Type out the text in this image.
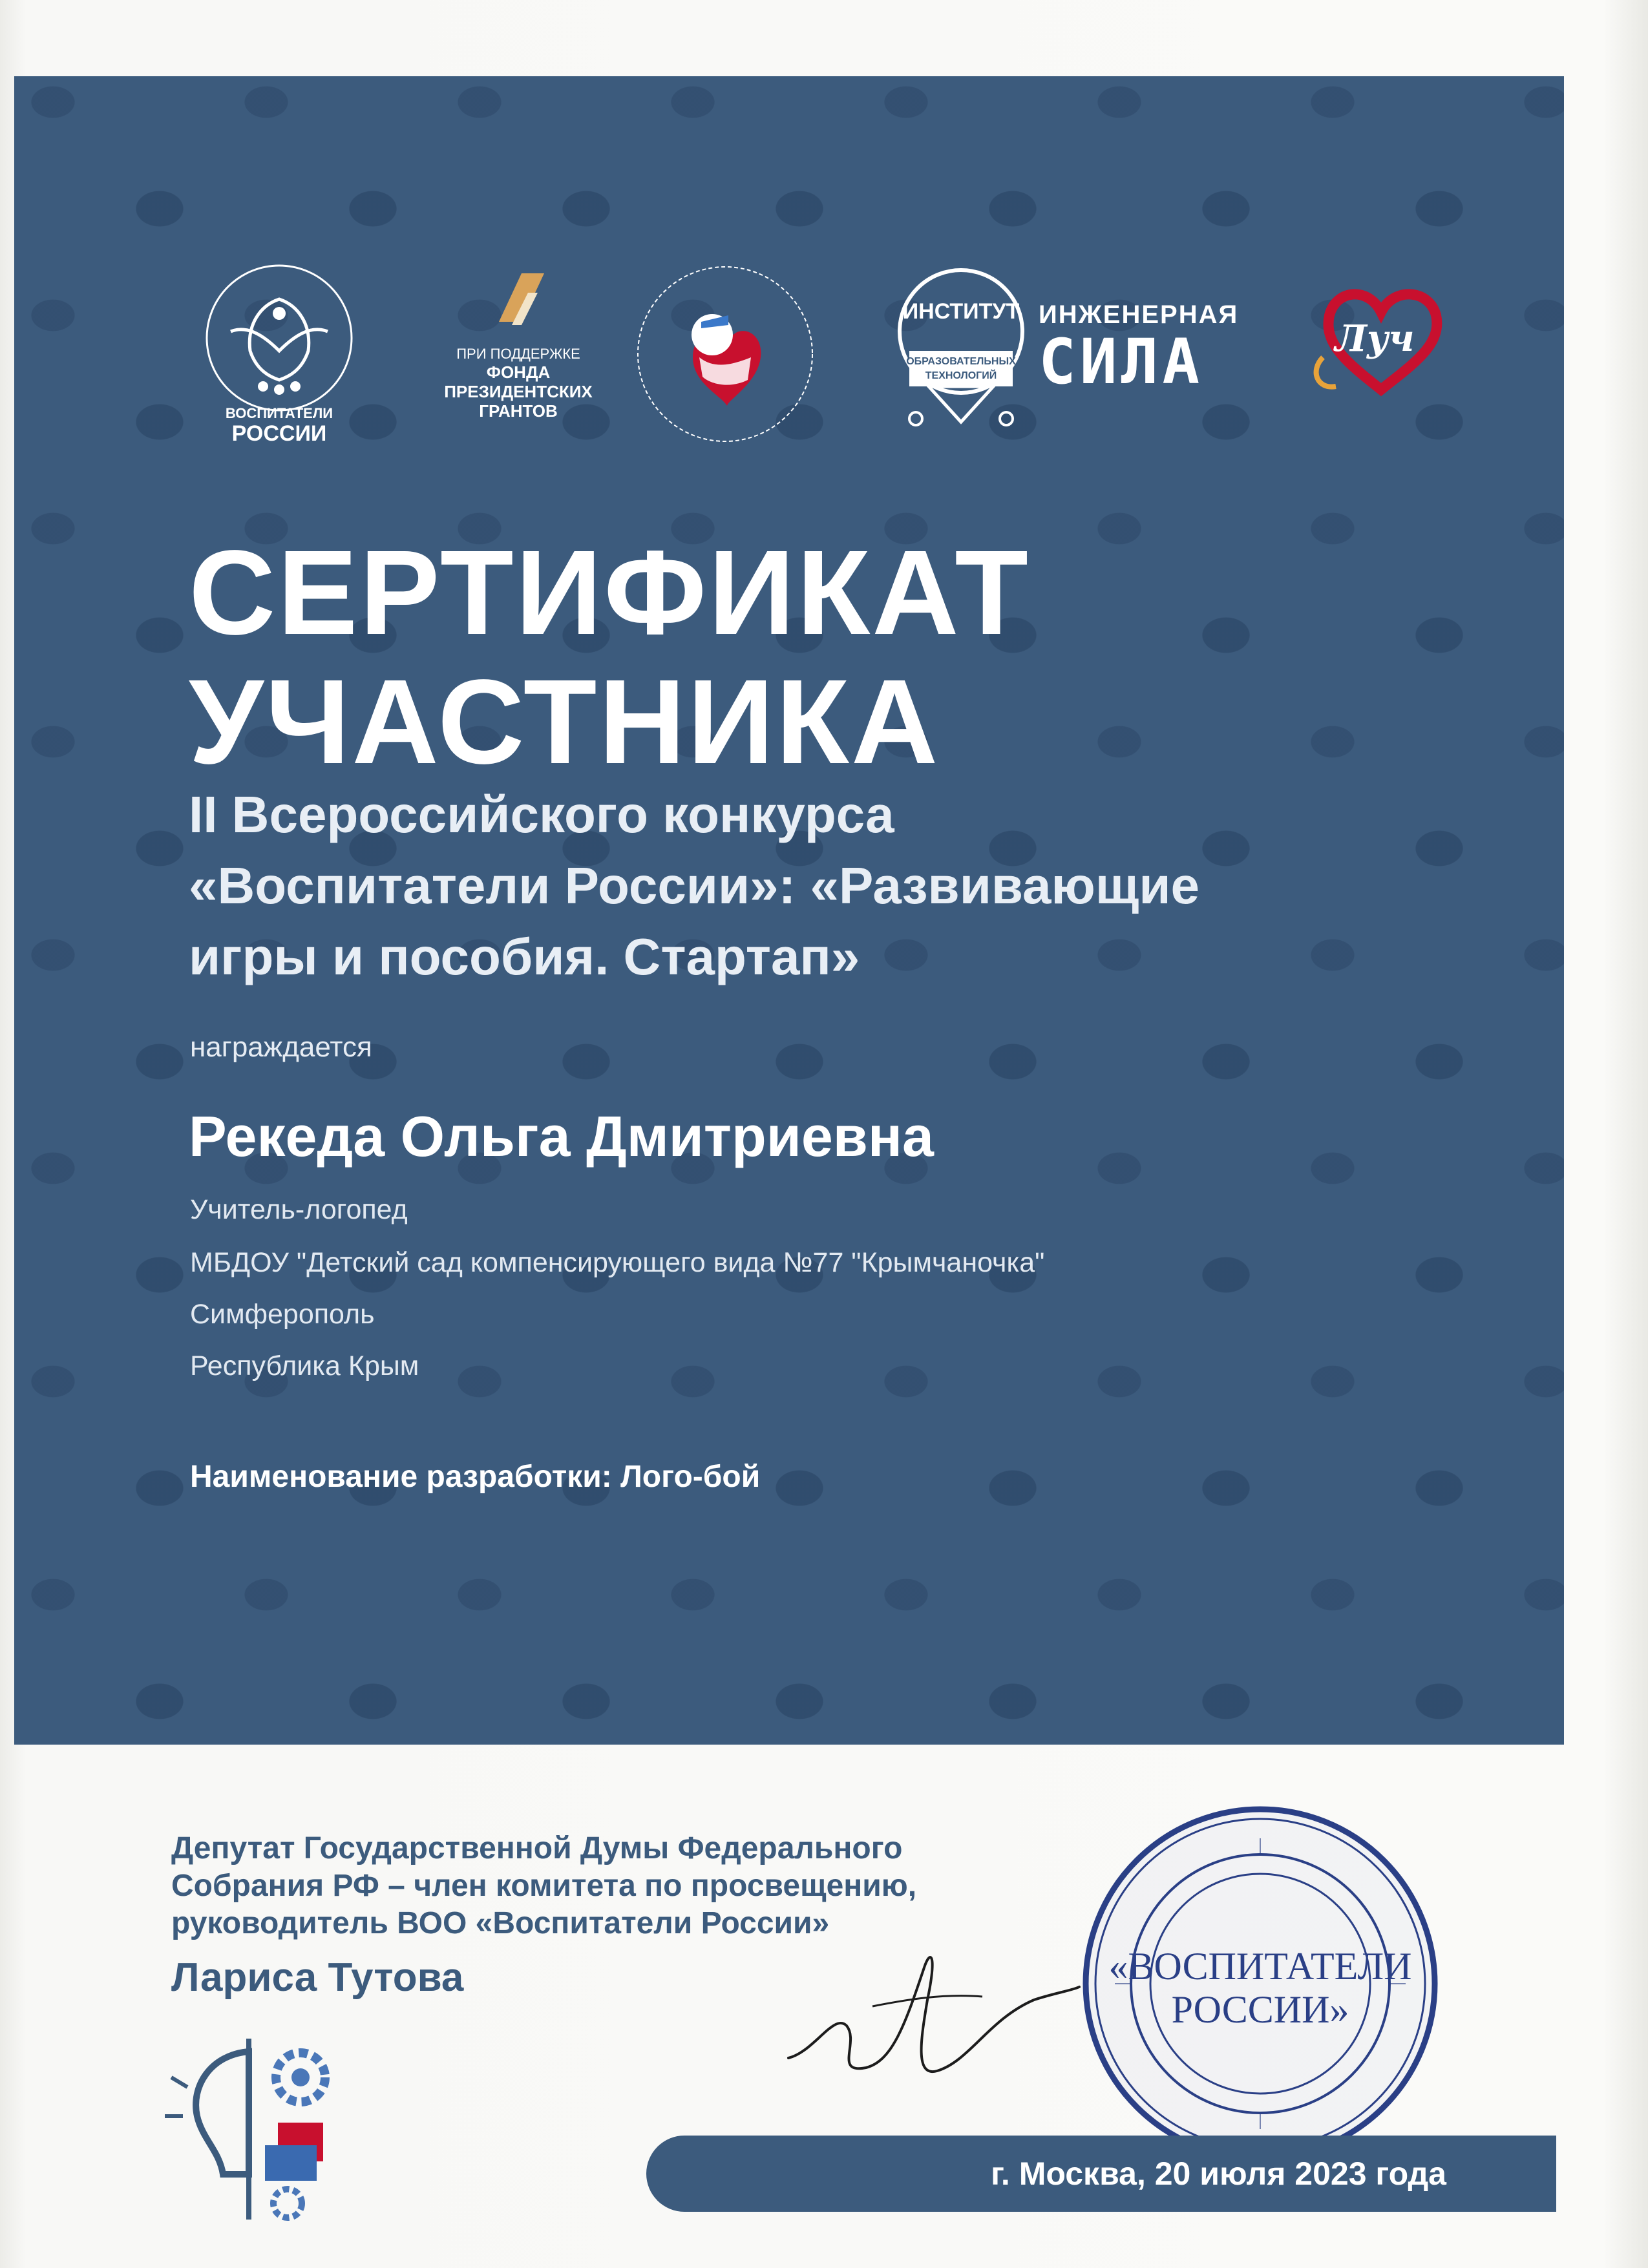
ВОСПИТАТЕЛИ
РОССИИ
ПРИ ПОДДЕРЖКЕ
ФОНДА
ПРЕЗИДЕНТСКИХ
ГРАНТОВ
ИНСТИТУТ
ОБРАЗОВАТЕЛЬНЫХ
ТЕХНОЛОГИЙ
ИНЖЕНЕРНАЯ
СИЛА	Луч
СЕРТИФИКАТ
УЧАСТНИКА
II Всероссийского конкурса
«Воспитатели России»: «Развивающие
игры и пособия. Стартап»
награждается
Рекеда Ольга Дмитриевна
Учитель-логопед
МБДОУ "Детский сад компенсирующего вида №77 "Крымчаночка"
Симферополь
Республика Крым
Наименование разработки: Лого-бой
Депутат Государственной Думы Федерального
Собрания РФ – член комитета по просвещению,
руководитель ВОО «Воспитатели России»
Лариса Тутова	«ВОСПИТАТЕЛИ
РОССИИ»
г. Москва, 20 июля 2023 года
